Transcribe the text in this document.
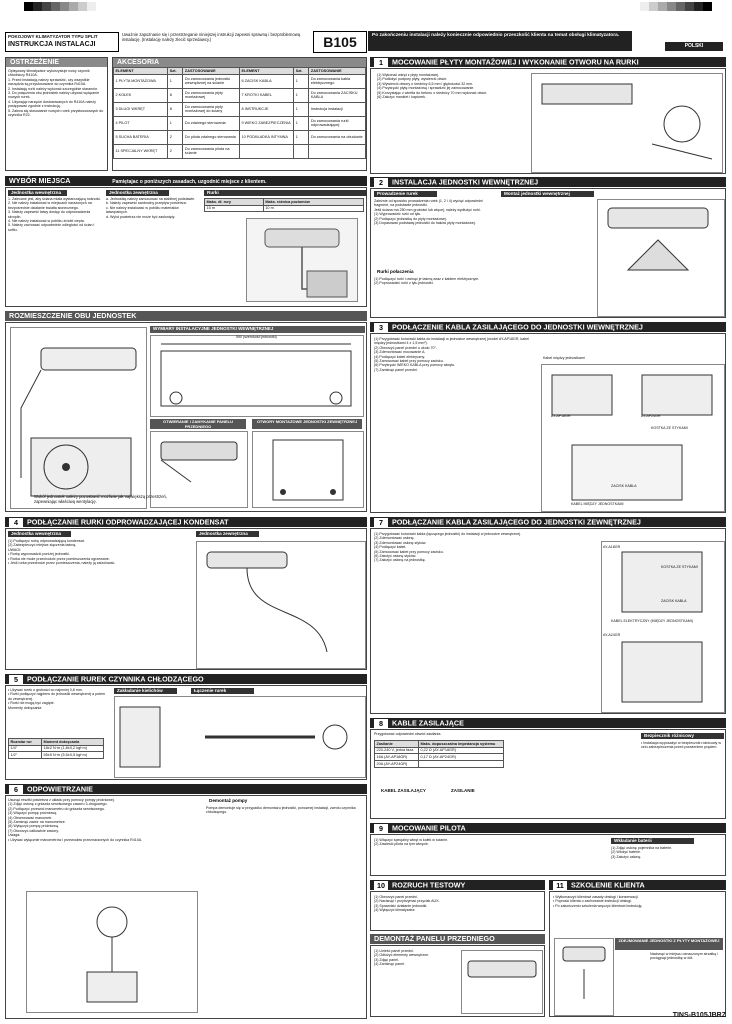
POKOJOWY KLIMATYZATOR TYPU SPLIT
INSTRUKCJA INSTALACJI
Uważnie zapoznanie się i przestrzeganie niniejszej instrukcji zapewni sprawną i bezproblemową instalację. (Instalację należy zlecić sprzedawcy.)	B105	Po zakończeniu instalacji należy koniecznie odpowiednio przeszkolić klienta na temat obsługi klimatyzatora.
POLSKI
OSTRZEŻENIE
Opisywany klimatyzator wykorzystuje nowy czynnik chłodniczy R410A.
1. Przed instalacją należy sprawdzić, czy wszystkie narzędzia są przystosowane do czynnika R410A.
2. Instalację rurki należy wykonać szczególnie starannie.
3. Do połączenia obu jednostek należy używać wyłącznie nowych rurek.
4. Używając narzędzi dostosowanych do R410A należy postępować zgodnie z instrukcją.
5. Zaleca się stosowanie nowych rurek przystosowanych do czynnika R22.
AKCESORIA
ELEMENT	Szt.	ZASTOSOWANIE	ELEMENT	Szt.	ZASTOSOWANIE
1 PŁYTA MONTAŻOWA	1	Do zamocowania jednostki wewnętrznej na ścianie	6 ZACISK KABLA	1	Do zamocowania kabla elektrycznego
2 KOŁEK	8	Do zamocowania płyty montażowej	7 KROTKI KABEL	1	Do zamocowania ZACISKU KABLA
3 DŁUGI WKRĘT	8	Do zamocowania płyty montażowej do ściany	8 INSTRUKCJE	1	Instrukcja instalacji
4 PILOT	1	Do zdalnego sterowania	9 WIEKO ZABEZPIECZENIA	1	Do zamocowania rurki odprowadzającej
5 SUCHA BATERIA	2	Do pilota zdalnego sterowania	10 PODKŁADKA INTYMNA	1	Do zamocowania na obudowie
11 SPECJALNY WKRĘT	2	Do zamocowania pilota na ścianie			
WYBÓR MIEJSCA	Pamiętajac o poniższych zasadach, uzgodnić miejsce z klientem.
Jednostka wewnętrzna
1. Zalecane jest, aby ściana miała wystarczającą nośność.
2. Nie należy instalować w miejscach narażonych na bezpośrednie działanie światła słonecznego.
3. Należy zapewnić łatwy dostęp do odprowadzenia skroplin.
4. Nie należy instalować w pobliżu źródeł ciepła.
5. Należy zachować odpowiednie odległości od ścian i sufitu.
Jednostka zewnętrzna
a. Jednostkę należy zamocować na stabilnej podstawie.
b. Należy zapewnić swobodny przepływ powietrza.
c. Nie należy instalować w pobliżu materiałów łatwopalnych.
d. Wylot powietrza nie może być zasłonięty.
Rurki
Maks. dł. rury	Maks. różnica poziomów
15 m	10 m
ROZMIESZCZENIE OBU JEDNOSTEK
WYMIARY INSTALACYJNE JEDNOSTKI WEWNĘTRZNEJ
590 (szerokość jednostki)
OTWIERANIE I ZAMYKANIE PANELU PRZEDNIEGO
OTWORY MONTAŻOWE JEDNOSTKI ZEWNĘTRZNEJ
Wokół jednostek należy pozostawić możliwie jak największą przestrzeń, zapewniając właściwą wentylację.
1 MOCOWANIE PŁYTY MONTAŻOWEJ I WYKONANIE OTWORU NA RURKI
(1) Wykonać wkręt z płyty montażowej.
(2) Podłożyć podpory płyty, wywiercić otwór.
(3) Wywiercić otwory o średnicy 6,5 mm i głębokości 32 mm.
(4) Przykręcić płytę montażową i sprawdzić jej zamocowanie.
(5) Korzystając z wiertła do betonu o średnicy 70 mm wykonać otwór.
(6) Założyć mankiet i kapturek.
2 INSTALACJA JEDNOSTKI WEWNĘTRZNEJ
Prowadzenie rurek	Montaż jednostki wewnętrznej
Zależnie od sposobu prowadzenia rurek (1, 2 i 4) wyciąć odpowiedni fragment, na podstawie jednostki.
Jeśli ściana ma 250 mm grubości lub więcej, należy wydłużyć rurki.
(1) Wyprowadzić rurki od tyłu.
(2) Podłączyć jednostkę do płyty montażowej.
(3) Dopasować podstawę jednostki do haków płyty montażowej.
Rurki połaczenia
(1) Podłączyć rurki i owinąć je taśmą wraz z kablem elektrycznym.
(2) Poprowadzić rurki z tyłu jednostki.
3 PODŁĄCZENIE KABLA ZASILAJĄCEGO DO JEDNOSTKI WEWNĘTRZNEJ
(1) Przygotować końcówki kabla do instalacji w jednostce wewnętrznej (model AY-AP18GR, kabel między jednostkami 4 x 1,5 mm²).
(2) Otworzyć panel przedni o około 70°.
(3) Zdemontować mocowanie A.
(4) Podłączyć kabel elektryczny.
(5) Zamocować kabel przy pomocy zacisku.
(6) Przykręcić WIEKO KABLA przy pomocy wkrętu.
(7) Zamknąć panel przedni.
Kabel między jednostkami
AY-AP18GR	AY-AP24GR
KOSTKA ZE STYKAMI
ZACISK KABLA
KABEL MIĘDZY JEDNOSTKAMI
4 PODŁĄCZANIE RURKI ODPROWADZAJĄCEJ KONDENSAT
Jednostka wewnętrzna	Jednostka zewnętrzna
(1) Podłączyć rurkę odprowadzającą kondensat.
(2) Zabezpieczyć miejsce złączenia taśmą.
UWAGI:
• Rurkę wyprowadzić poniżej jednostki.
• Rurka nie może przechodzić przez pomieszczenia ogrzewane.
• Jeśli rurka przechodzi przez pomieszczenia, należy ją zaizolować.
5 PODŁĄCZANIE RUREK CZYNNIKA CHŁODZĄCEGO
• Używać rurek o grubości co najmniej 0,8 mm.
• Rurki podłączyć najpierw do jednostki wewnętrznej a potem do zewnętrznej.
• Rurki nie mogą być zagięte.
Momenty dokręcania
Rozmiar rur	Moment dokręcania
1/4"	18±2 N·m (1,8±0,2 kgf·m)
1/2"	55±5 N·m (5,5±0,5 kgf·m)
Zakładanie kielichów	Łączenie rurek
6 ODPOWIETRZANIE
Usunąć resztki powietrza z układu przy pomocy pompy próżniowej.
(1) Zdjąć osłonę z gniazda serwisowego zaworu 3-drogowego.
(2) Podłączyć przewód manometru do gniazda serwisowego.
(3) Włączyć pompę próżniową.
(4) Obserwować manometr.
(5) Zamknąć zawór na manometrze.
(6) Wyłączyć pompę próżniową.
(7) Otworzyć całkowicie zawory.
Uwaga:
• Używać wyłącznie manometrów i przewodów przeznaczonych do czynnika R410A.
Demontaż pompy
Pompa demontuje się w przypadku demontażu jednostki, ponownej instalacji, zwrotu czynnika chłodzącego.
7 PODŁĄCZANIE KABLA ZASILAJĄCEGO DO JEDNOSTKI ZEWNĘTRZNEJ
(1) Przygotować końcówki kabla (łączącego jednostki) do instalacji w jednostce zewnętrznej.
(2) Zdemontować osłonę.
(3) Zdemontować osłonę styków.
(4) Podłączyć kabel.
(5) Zamocować kabel przy pomocy zacisku.
(6) Założyć osłonę styków.
(7) Założyć osłonę na jednostkę.
AY-A18GR
AY-A24GR
KOSTKA ZE STYKAMI
ZACISK KABLA
KABEL ELEKTRYCZNY (MIĘDZY JEDNOSTKAMI)
8 KABLE ZASILAJĄCE
Przygotować odpowiedni obwód zasilania.
Zasilanie	Maks. dopuszczalna impedancja systemu
220-240 V, jedna faza	0,22 Ω (AY-AP18GR)
16A (AY-AP18GR)	0,17 Ω (AY-AP24GR)
20A (AY-AP24GR)	
KABEL ZASILAJĄCY	ZASILANIE
Bezpiecznik różnicowy
• Instalacja wyposażyć w bezpiecznik różnicowy w celu zabezpieczenia przed porażeniem prądem.
9 MOCOWANIE PILOTA
(1) Włączyć specjalny wkręt w kołek w ścianie.
(2) Zawiesić pilota na tym wkręcie.
Wkładanie baterii
(1) Zdjąć osłonę pojemnika na baterie.
(2) Włożyć baterie.
(3) Założyć osłonę.
10 ROZRUCH TESTOWY
(1) Otworzyć panel przedni.
(2) Nacisnąć i przytrzymać przycisk AUX.
(3) Sprawdzić działanie jednostki.
(4) Wyłączyć klimatyzator.
DEMONTAŻ PANELU PRZEDNIEGO
(1) Unieść panel przedni.
(2) Odłożyć elementy wewnętrzne.
(3) Zdjąć panel.
(4) Zamknąć panel.
11 SZKOLENIE KLIENTA
• Wytłumaczyć klientowi zasady obsługi i konserwacji.
• Poprosić klienta o zachowanie instrukcji obsługi.
• Po zakończeniu szkolenia wręczyć klientowi instrukcję.
ZDEJMOWANIE JEDNOSTKI Z PŁYTY MONTAŻOWEJ
Nacisnąć w miejscu oznaczonym strzałką i pociągnąć jednostkę w dół.
TINS-B105JBRZ
